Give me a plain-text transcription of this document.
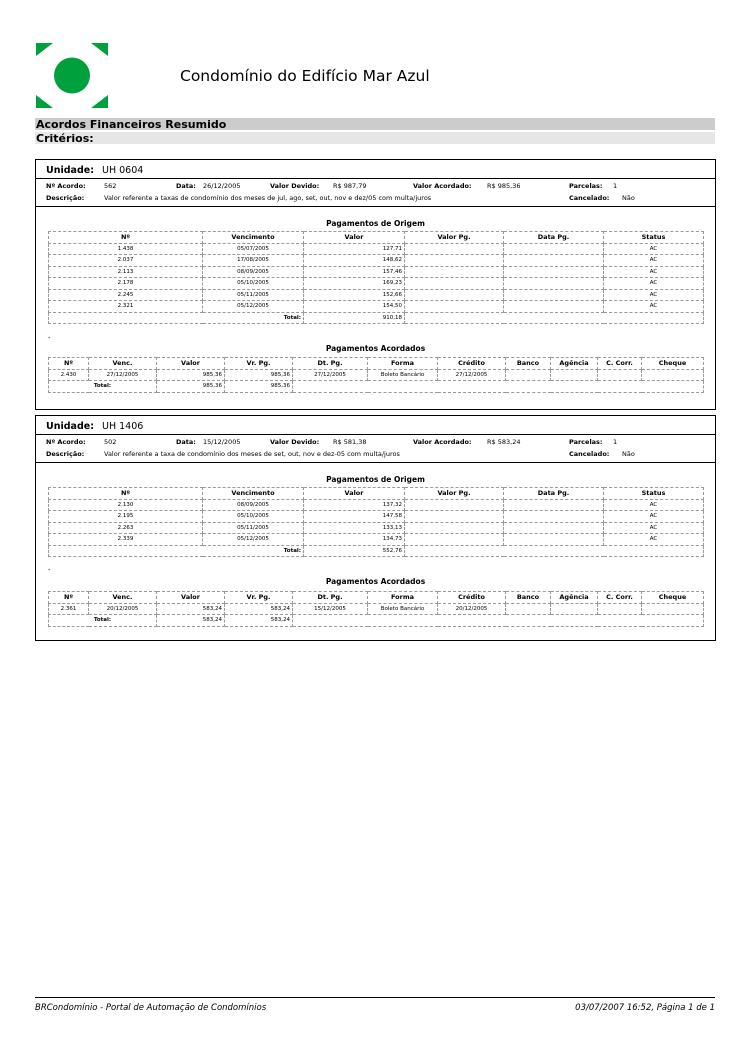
Condomínio do Edifício Mar Azul
Acordos Financeiros Resumido
Critérios:
Unidade: UH 0604
Nº Acordo:	562	Data: 26/12/2005	Valor Devido: R$ 987,79	Valor Acordado: R$ 985,36	Parcelas: 1
Descrição:	Valor referente a taxas de condomínio dos meses de jul, ago, set, out, nov e dez/05 com multa/juros	Cancelado: Não
Pagamentos de Origem
Nº	Vencimento	Valor	Valor Pg.	Data Pg.	Status
1.438	05/07/2005	127,71			AC
2.037	17/08/2005	148,62			AC
2.113	08/09/2005	157,46			AC
2.178	05/10/2005	169,23			AC
2.245	05/11/2005	152,66			AC
2.321	05/12/2005	154,50			AC
Total:		910,18			
-
Pagamentos Acordados
Nº	Venc.	Valor	Vr. Pg.	Dt. Pg.	Forma	Crédito	Banco	Agência	C. Corr.	Cheque
2.430	27/12/2005	985,36	985,36	27/12/2005	Boleto Bancário	27/12/2005				
Total:		985,36	985,36							
Unidade: UH 1406
Nº Acordo:	502	Data: 15/12/2005	Valor Devido: R$ 581,38	Valor Acordado: R$ 583,24	Parcelas: 1
Descrição:	Valor referente a taxa de condomínio dos meses de set, out, nov e dez-05 com multa/juros	Cancelado: Não
Pagamentos de Origem
Nº	Vencimento	Valor	Valor Pg.	Data Pg.	Status
2.130	08/09/2005	137,32			AC
2.195	05/10/2005	147,58			AC
2.263	05/11/2005	133,13			AC
2.339	05/12/2005	134,73			AC
Total:		552,76			
-
Pagamentos Acordados
Nº	Venc.	Valor	Vr. Pg.	Dt. Pg.	Forma	Crédito	Banco	Agência	C. Corr.	Cheque
2.361	20/12/2005	583,24	583,24	15/12/2005	Boleto Bancário	20/12/2005				
Total:		583,24	583,24							
BRCondomínio - Portal de Automação de Condomínios	03/07/2007 16:52, Página 1 de 1
